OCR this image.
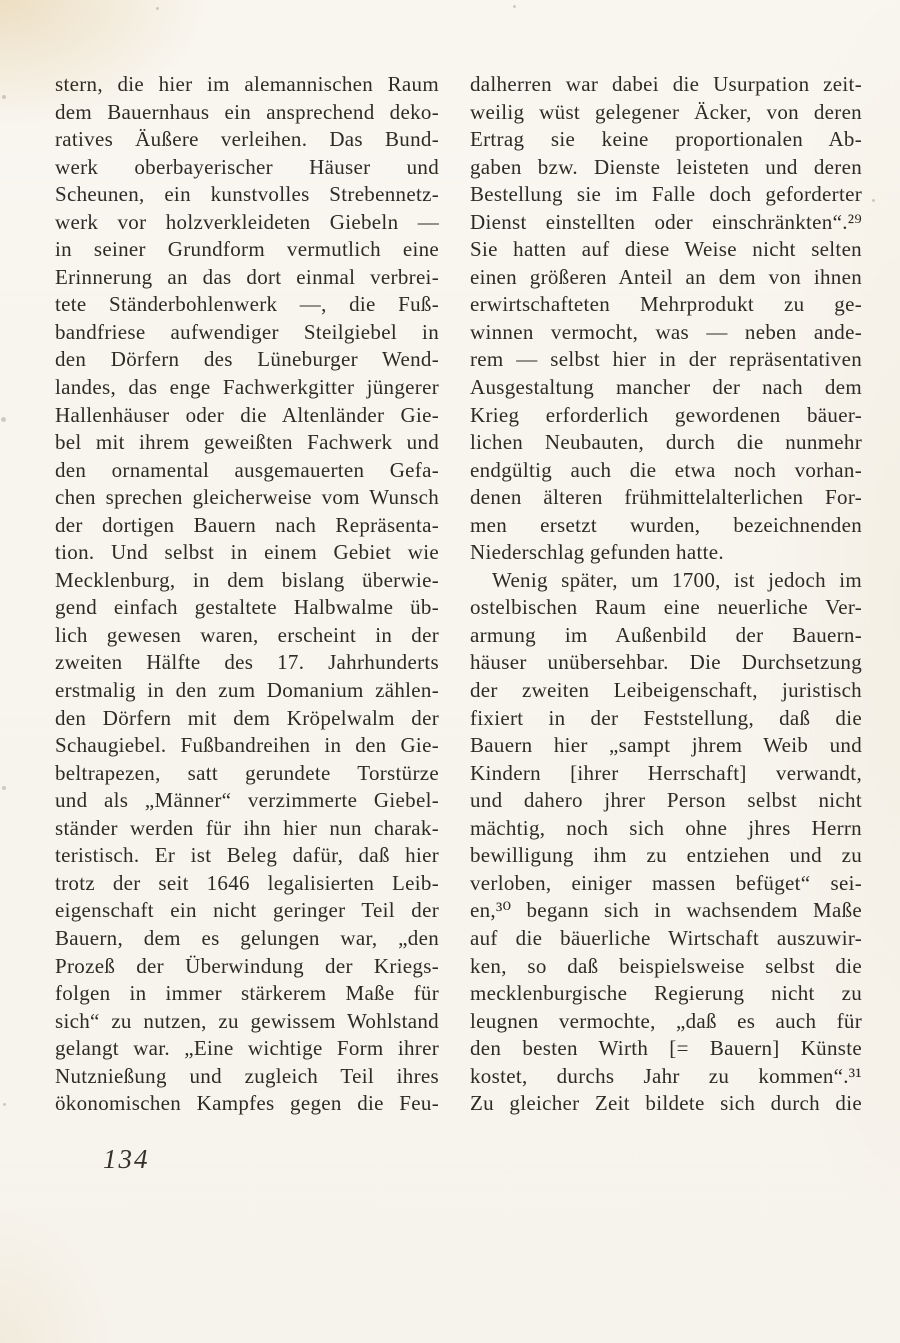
stern, die hier im alemannischen Raum
dem Bauernhaus ein ansprechend deko-
ratives Äußere verleihen. Das Bund-
werk oberbayerischer Häuser und
Scheunen, ein kunstvolles Strebennetz-
werk vor holzverkleideten Giebeln —
in seiner Grundform vermutlich eine
Erinnerung an das dort einmal verbrei-
tete Ständerbohlenwerk —, die Fuß-
bandfriese aufwendiger Steilgiebel in
den Dörfern des Lüneburger Wend-
landes, das enge Fachwerkgitter jüngerer
Hallenhäuser oder die Altenländer Gie-
bel mit ihrem geweißten Fachwerk und
den ornamental ausgemauerten Gefa-
chen sprechen gleicherweise vom Wunsch
der dortigen Bauern nach Repräsenta-
tion. Und selbst in einem Gebiet wie
Mecklenburg, in dem bislang überwie-
gend einfach gestaltete Halbwalme üb-
lich gewesen waren, erscheint in der
zweiten Hälfte des 17. Jahrhunderts
erstmalig in den zum Domanium zählen-
den Dörfern mit dem Kröpelwalm der
Schaugiebel. Fußbandreihen in den Gie-
beltrapezen, satt gerundete Torstürze
und als „Männer“ verzimmerte Giebel-
ständer werden für ihn hier nun charak-
teristisch. Er ist Beleg dafür, daß hier
trotz der seit 1646 legalisierten Leib-
eigenschaft ein nicht geringer Teil der
Bauern, dem es gelungen war, „den
Prozeß der Überwindung der Kriegs-
folgen in immer stärkerem Maße für
sich“ zu nutzen, zu gewissem Wohlstand
gelangt war. „Eine wichtige Form ihrer
Nutznießung und zugleich Teil ihres
ökonomischen Kampfes gegen die Feu-
dalherren war dabei die Usurpation zeit-
weilig wüst gelegener Äcker, von deren
Ertrag sie keine proportionalen Ab-
gaben bzw. Dienste leisteten und deren
Bestellung sie im Falle doch geforderter
Dienst einstellten oder einschränkten“.²⁹
Sie hatten auf diese Weise nicht selten
einen größeren Anteil an dem von ihnen
erwirtschafteten Mehrprodukt zu ge-
winnen vermocht, was — neben ande-
rem — selbst hier in der repräsentativen
Ausgestaltung mancher der nach dem
Krieg erforderlich gewordenen bäuer-
lichen Neubauten, durch die nunmehr
endgültig auch die etwa noch vorhan-
denen älteren frühmittelalterlichen For-
men ersetzt wurden, bezeichnenden
Niederschlag gefunden hatte.
Wenig später, um 1700, ist jedoch im
ostelbischen Raum eine neuerliche Ver-
armung im Außenbild der Bauern-
häuser unübersehbar. Die Durchsetzung
der zweiten Leibeigenschaft, juristisch
fixiert in der Feststellung, daß die
Bauern hier „sampt jhrem Weib und
Kindern [ihrer Herrschaft] verwandt,
und dahero jhrer Person selbst nicht
mächtig, noch sich ohne jhres Herrn
bewilligung ihm zu entziehen und zu
verloben, einiger massen befüget“ sei-
en,³⁰ begann sich in wachsendem Maße
auf die bäuerliche Wirtschaft auszuwir-
ken, so daß beispielsweise selbst die
mecklenburgische Regierung nicht zu
leugnen vermochte, „daß es auch für
den besten Wirth [= Bauern] Künste
kostet, durchs Jahr zu kommen“.³¹
Zu gleicher Zeit bildete sich durch die
134
